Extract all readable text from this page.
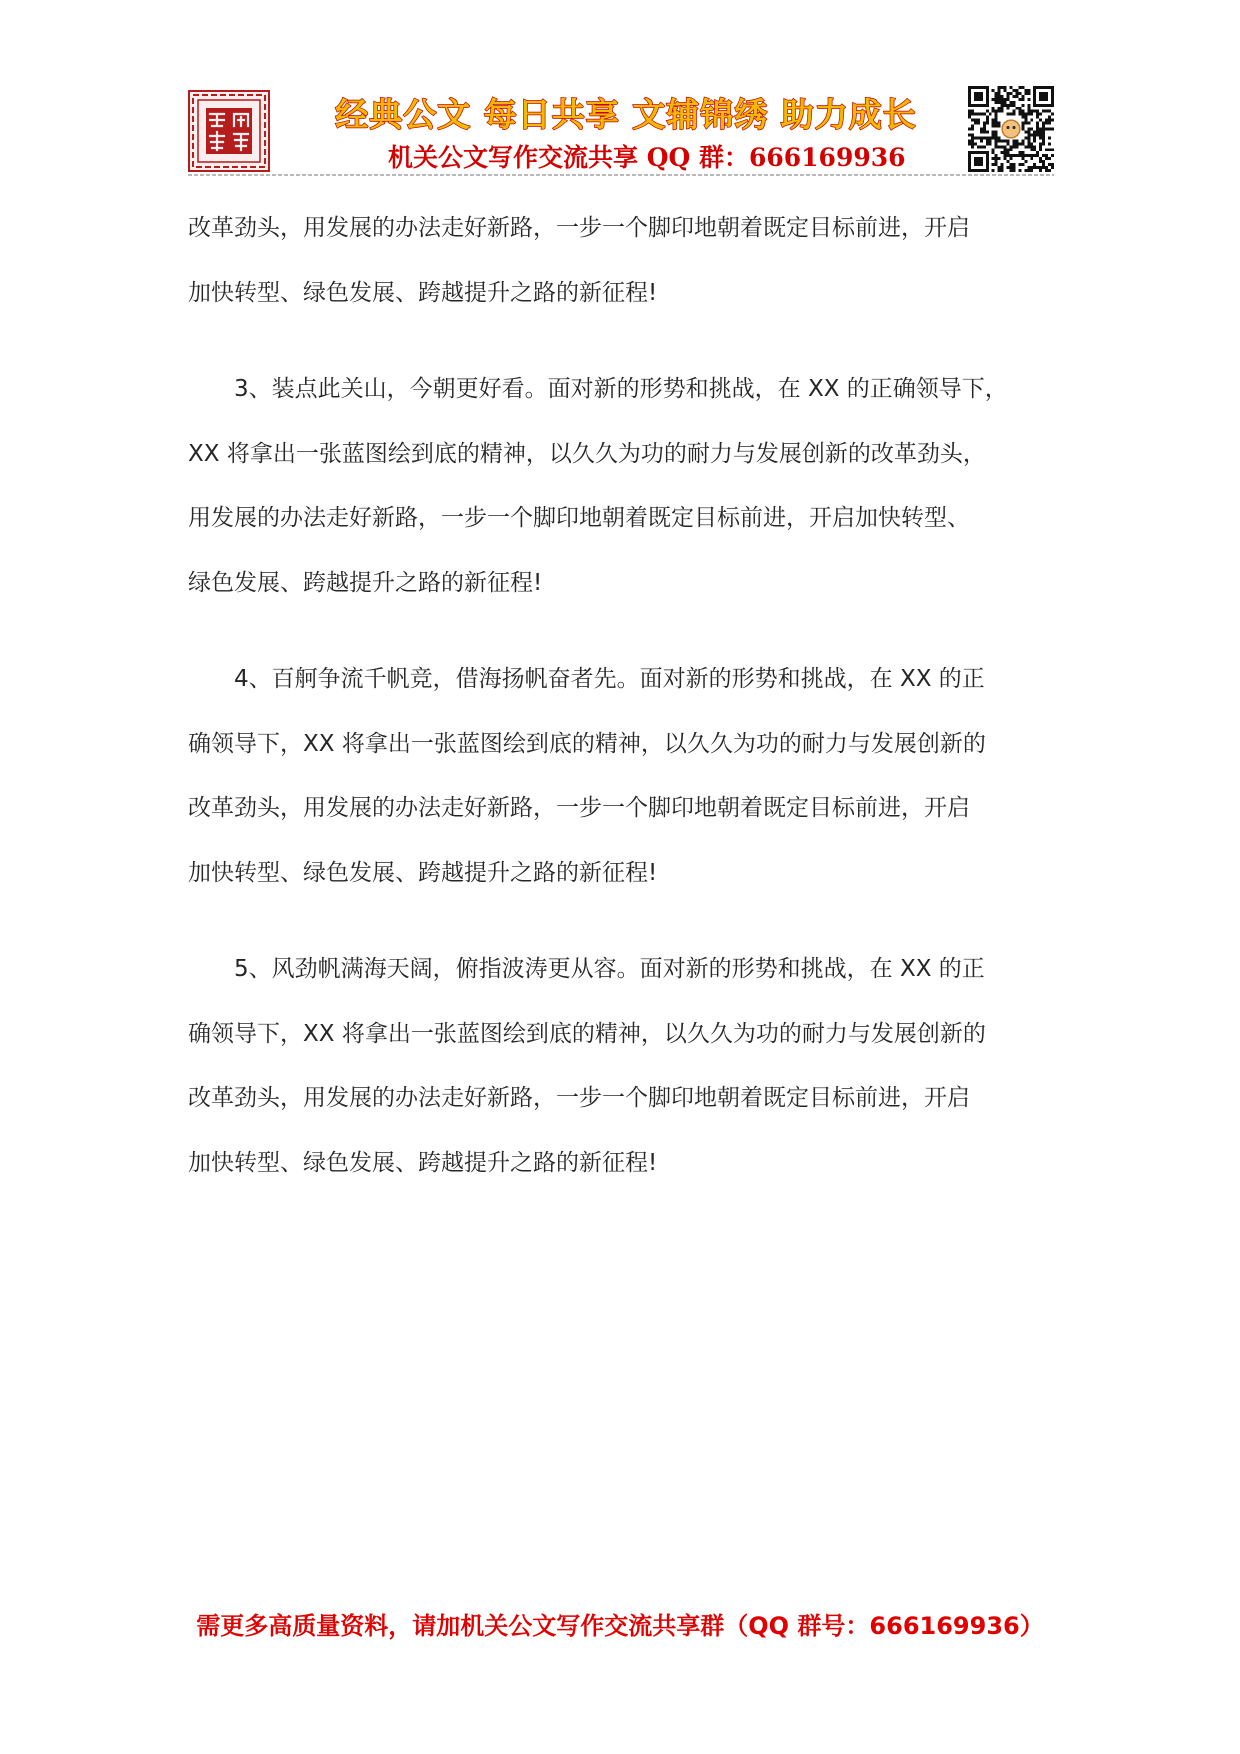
经典公文 每日共享 文辅锦绣 助力成长
机关公文写作交流共享 QQ 群：666169936

改革劲头，用发展的办法走好新路，一步一个脚印地朝着既定目标前进，开启

加快转型、绿色发展、跨越提升之路的新征程!

3、装点此关山，今朝更好看。面对新的形势和挑战，在 XX 的正确领导下，

XX 将拿出一张蓝图绘到底的精神，以久久为功的耐力与发展创新的改革劲头，

用发展的办法走好新路，一步一个脚印地朝着既定目标前进，开启加快转型、

绿色发展、跨越提升之路的新征程!

4、百舸争流千帆竞，借海扬帆奋者先。面对新的形势和挑战，在 XX 的正

确领导下，XX 将拿出一张蓝图绘到底的精神，以久久为功的耐力与发展创新的

改革劲头，用发展的办法走好新路，一步一个脚印地朝着既定目标前进，开启

加快转型、绿色发展、跨越提升之路的新征程!

5、风劲帆满海天阔，俯指波涛更从容。面对新的形势和挑战，在 XX 的正

确领导下，XX 将拿出一张蓝图绘到底的精神，以久久为功的耐力与发展创新的

改革劲头，用发展的办法走好新路，一步一个脚印地朝着既定目标前进，开启

加快转型、绿色发展、跨越提升之路的新征程!

需更多高质量资料，请加机关公文写作交流共享群（QQ 群号：666169936）
